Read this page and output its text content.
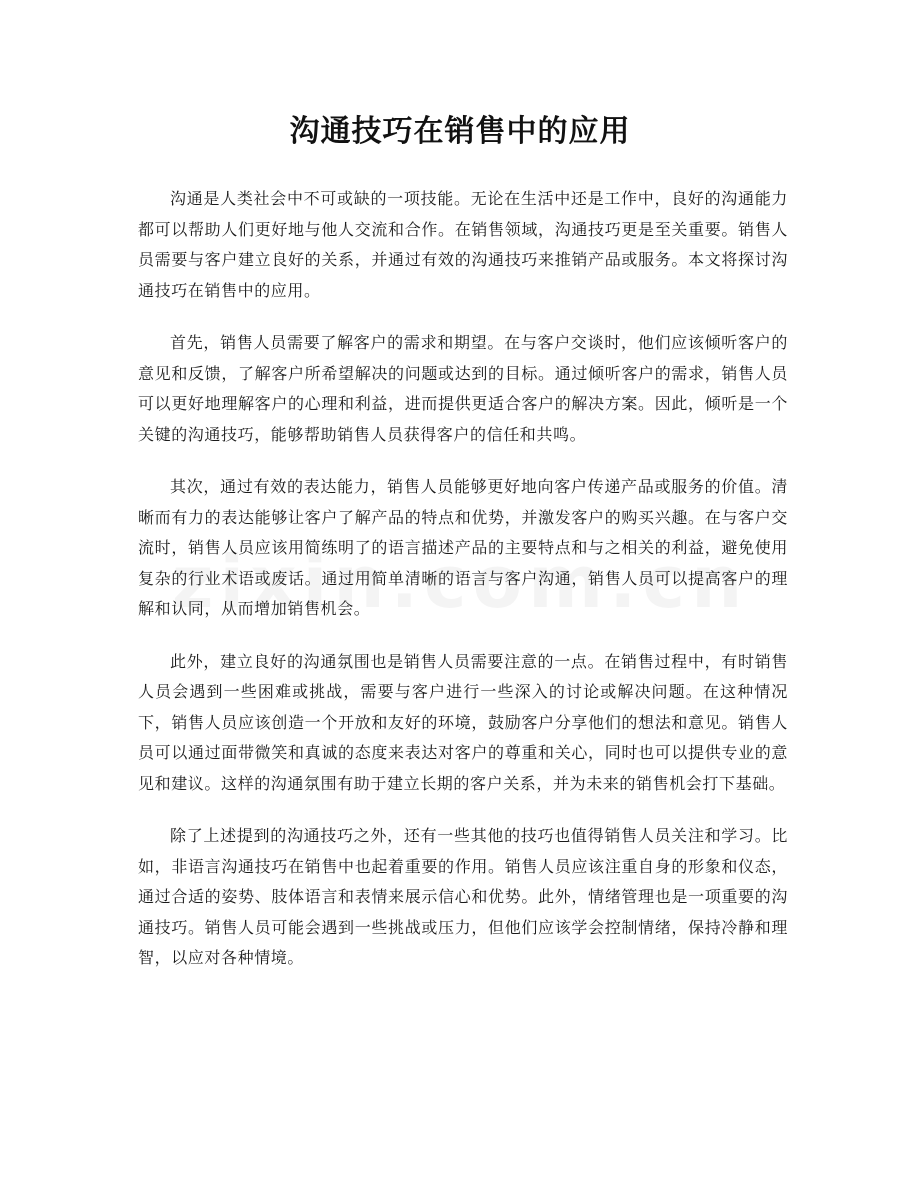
沟通技巧在销售中的应用

沟通是人类社会中不可或缺的一项技能。无论在生活中还是工作中，良好的沟通能力都可以帮助人们更好地与他人交流和合作。在销售领域，沟通技巧更是至关重要。销售人员需要与客户建立良好的关系，并通过有效的沟通技巧来推销产品或服务。本文将探讨沟通技巧在销售中的应用。

首先，销售人员需要了解客户的需求和期望。在与客户交谈时，他们应该倾听客户的意见和反馈，了解客户所希望解决的问题或达到的目标。通过倾听客户的需求，销售人员可以更好地理解客户的心理和利益，进而提供更适合客户的解决方案。因此，倾听是一个关键的沟通技巧，能够帮助销售人员获得客户的信任和共鸣。

其次，通过有效的表达能力，销售人员能够更好地向客户传递产品或服务的价值。清晰而有力的表达能够让客户了解产品的特点和优势，并激发客户的购买兴趣。在与客户交流时，销售人员应该用简练明了的语言描述产品的主要特点和与之相关的利益，避免使用复杂的行业术语或废话。通过用简单清晰的语言与客户沟通，销售人员可以提高客户的理解和认同，从而增加销售机会。

此外，建立良好的沟通氛围也是销售人员需要注意的一点。在销售过程中，有时销售人员会遇到一些困难或挑战，需要与客户进行一些深入的讨论或解决问题。在这种情况下，销售人员应该创造一个开放和友好的环境，鼓励客户分享他们的想法和意见。销售人员可以通过面带微笑和真诚的态度来表达对客户的尊重和关心，同时也可以提供专业的意见和建议。这样的沟通氛围有助于建立长期的客户关系，并为未来的销售机会打下基础。

除了上述提到的沟通技巧之外，还有一些其他的技巧也值得销售人员关注和学习。比如，非语言沟通技巧在销售中也起着重要的作用。销售人员应该注重自身的形象和仪态，通过合适的姿势、肢体语言和表情来展示信心和优势。此外，情绪管理也是一项重要的沟通技巧。销售人员可能会遇到一些挑战或压力，但他们应该学会控制情绪，保持冷静和理智，以应对各种情境。
